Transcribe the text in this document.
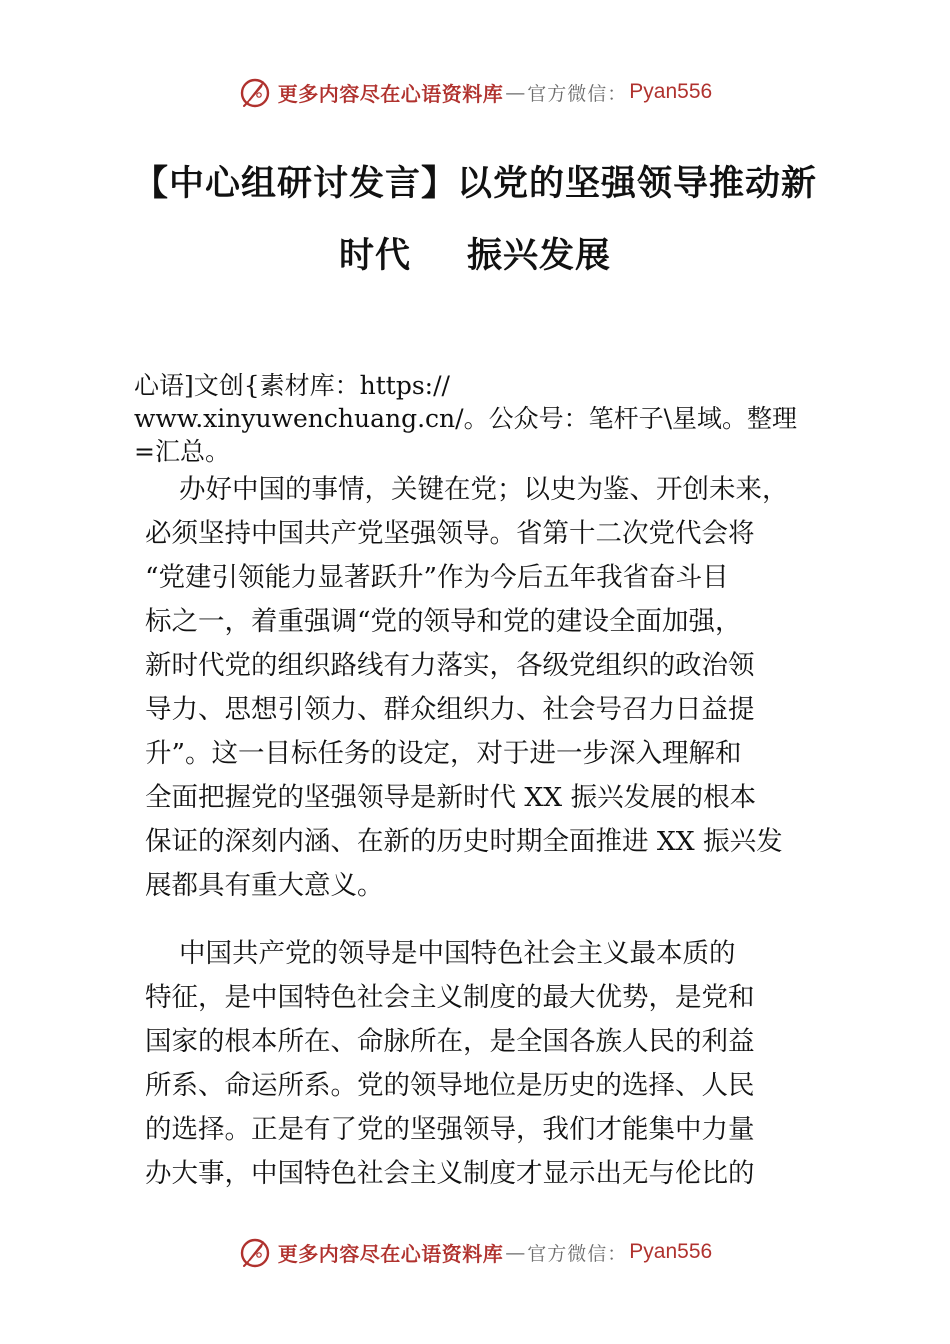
更多内容尽在心语资料库 — 官方微信： Pyan556
【中心组研讨发言】以党的坚强领导推动新
时代 振兴发展
心语]文创{素材库：https://
www.xinyuwenchuang.cn/。公众号：笔杆子\星域。整理
=汇总。
办好中国的事情，关键在党；以史为鉴、开创未来，
必须坚持中国共产党坚强领导。省第十二次党代会将
“党建引领能力显著跃升”作为今后五年我省奋斗目
标之一，着重强调“党的领导和党的建设全面加强，
新时代党的组织路线有力落实，各级党组织的政治领
导力、思想引领力、群众组织力、社会号召力日益提
升”。这一目标任务的设定，对于进一步深入理解和
全面把握党的坚强领导是新时代 XX 振兴发展的根本
保证的深刻内涵、在新的历史时期全面推进 XX 振兴发
展都具有重大意义。
中国共产党的领导是中国特色社会主义最本质的
特征，是中国特色社会主义制度的最大优势，是党和
国家的根本所在、命脉所在，是全国各族人民的利益
所系、命运所系。党的领导地位是历史的选择、人民
的选择。正是有了党的坚强领导，我们才能集中力量
办大事，中国特色社会主义制度才显示出无与伦比的
更多内容尽在心语资料库 — 官方微信： Pyan556
